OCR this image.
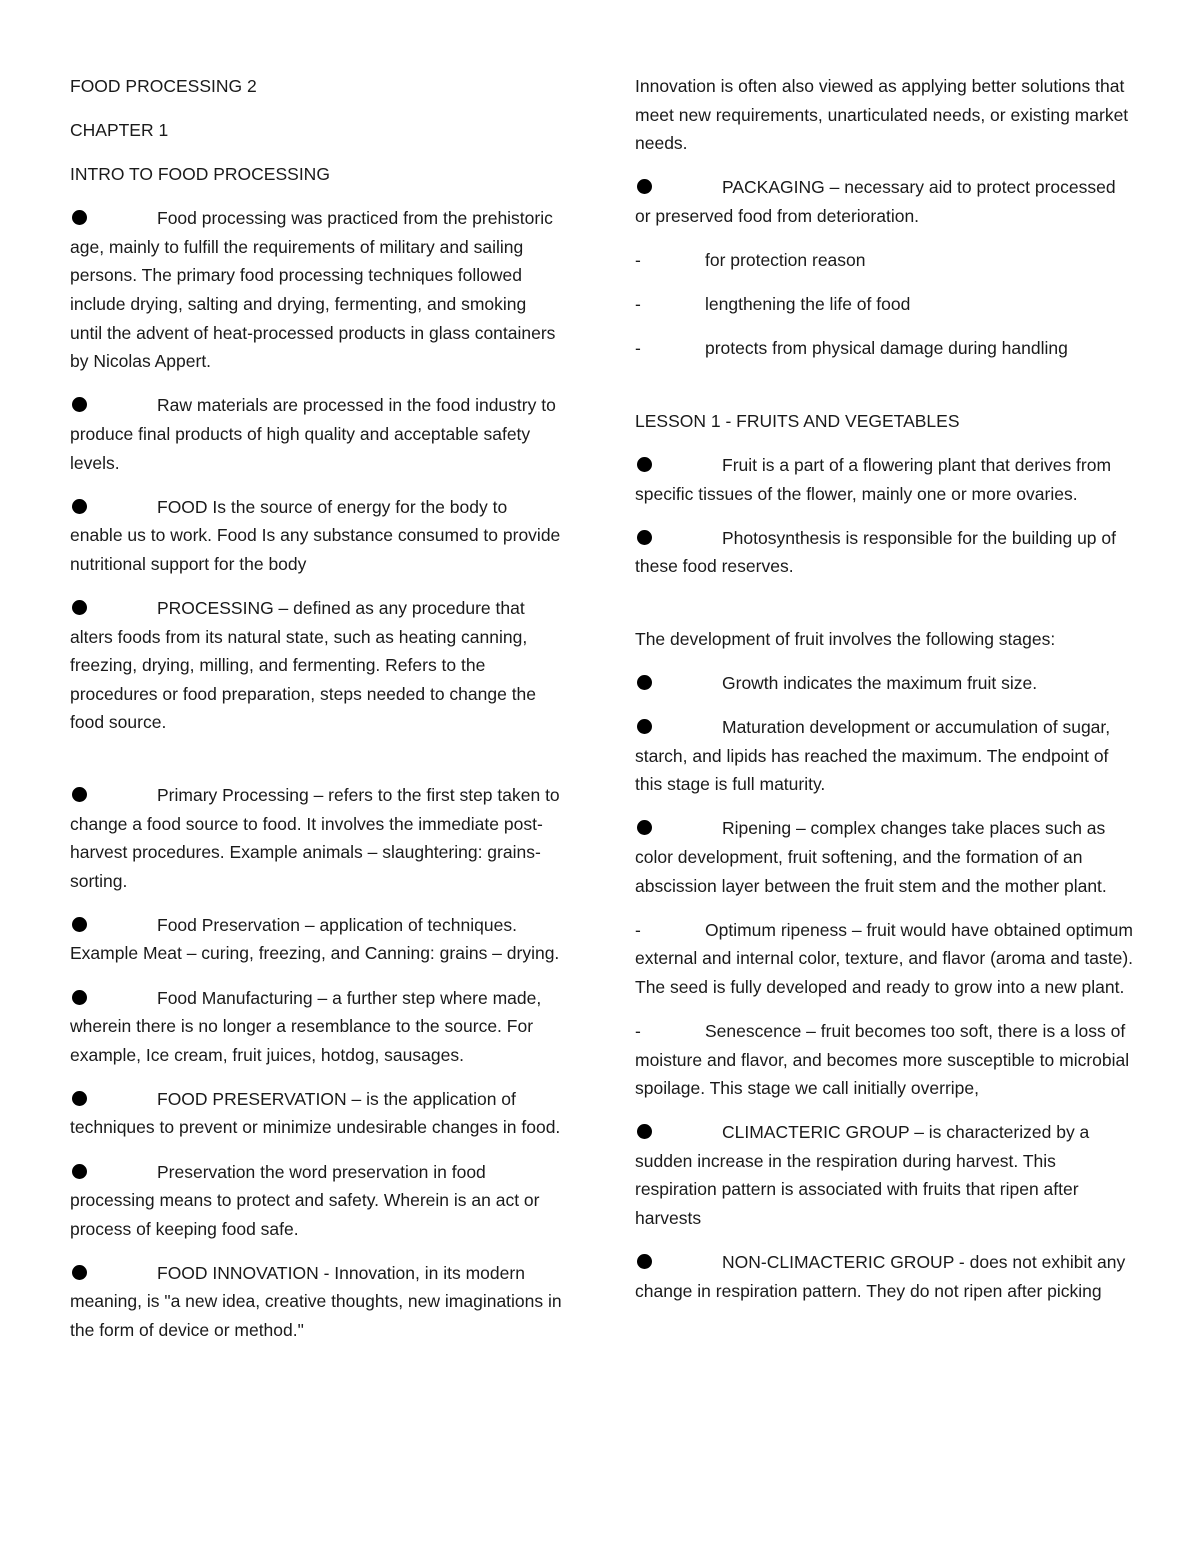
FOOD PROCESSING 2
CHAPTER 1
INTRO TO FOOD PROCESSING
Food processing was practiced from the prehistoric age, mainly to fulfill the requirements of military and sailing persons. The primary food processing techniques followed include drying, salting and drying, fermenting, and smoking until the advent of heat-processed products in glass containers by Nicolas Appert.
Raw materials are processed in the food industry to produce final products of high quality and acceptable safety levels.
FOOD Is the source of energy for the body to enable us to work. Food Is any substance consumed to provide nutritional support for the body
PROCESSING – defined as any procedure that alters foods from its natural state, such as heating canning, freezing, drying, milling, and fermenting. Refers to the procedures or food preparation, steps needed to change the food source.
Primary Processing – refers to the first step taken to change a food source to food. It involves the immediate post-harvest procedures. Example animals – slaughtering: grains- sorting.
Food Preservation – application of techniques. Example Meat – curing, freezing, and Canning: grains – drying.
Food Manufacturing – a further step where made, wherein there is no longer a resemblance to the source. For example, Ice cream, fruit juices, hotdog, sausages.
FOOD PRESERVATION – is the application of techniques to prevent or minimize undesirable changes in food.
Preservation the word preservation in food processing means to protect and safety. Wherein is an act or process of keeping food safe.
FOOD INNOVATION - Innovation, in its modern meaning, is "a new idea, creative thoughts, new imaginations in the form of device or method."
Innovation is often also viewed as applying better solutions that meet new requirements, unarticulated needs, or existing market needs.
PACKAGING – necessary aid to protect processed or preserved food from deterioration.
-	for protection reason
-	lengthening the life of food
-	protects from physical damage during handling
LESSON 1 - FRUITS AND VEGETABLES
Fruit is a part of a flowering plant that derives from specific tissues of the flower, mainly one or more ovaries.
Photosynthesis is responsible for the building up of these food reserves.
The development of fruit involves the following stages:
Growth indicates the maximum fruit size.
Maturation development or accumulation of sugar, starch, and lipids has reached the maximum. The endpoint of this stage is full maturity.
Ripening – complex changes take places such as color development, fruit softening, and the formation of an abscission layer between the fruit stem and the mother plant.
-	Optimum ripeness – fruit would have obtained optimum external and internal color, texture, and flavor (aroma and taste). The seed is fully developed and ready to grow into a new plant.
-	Senescence – fruit becomes too soft, there is a loss of moisture and flavor, and becomes more susceptible to microbial spoilage. This stage we call initially overripe,
CLIMACTERIC GROUP – is characterized by a sudden increase in the respiration during harvest. This respiration pattern is associated with fruits that ripen after harvests
NON-CLIMACTERIC GROUP - does not exhibit any change in respiration pattern. They do not ripen after picking
